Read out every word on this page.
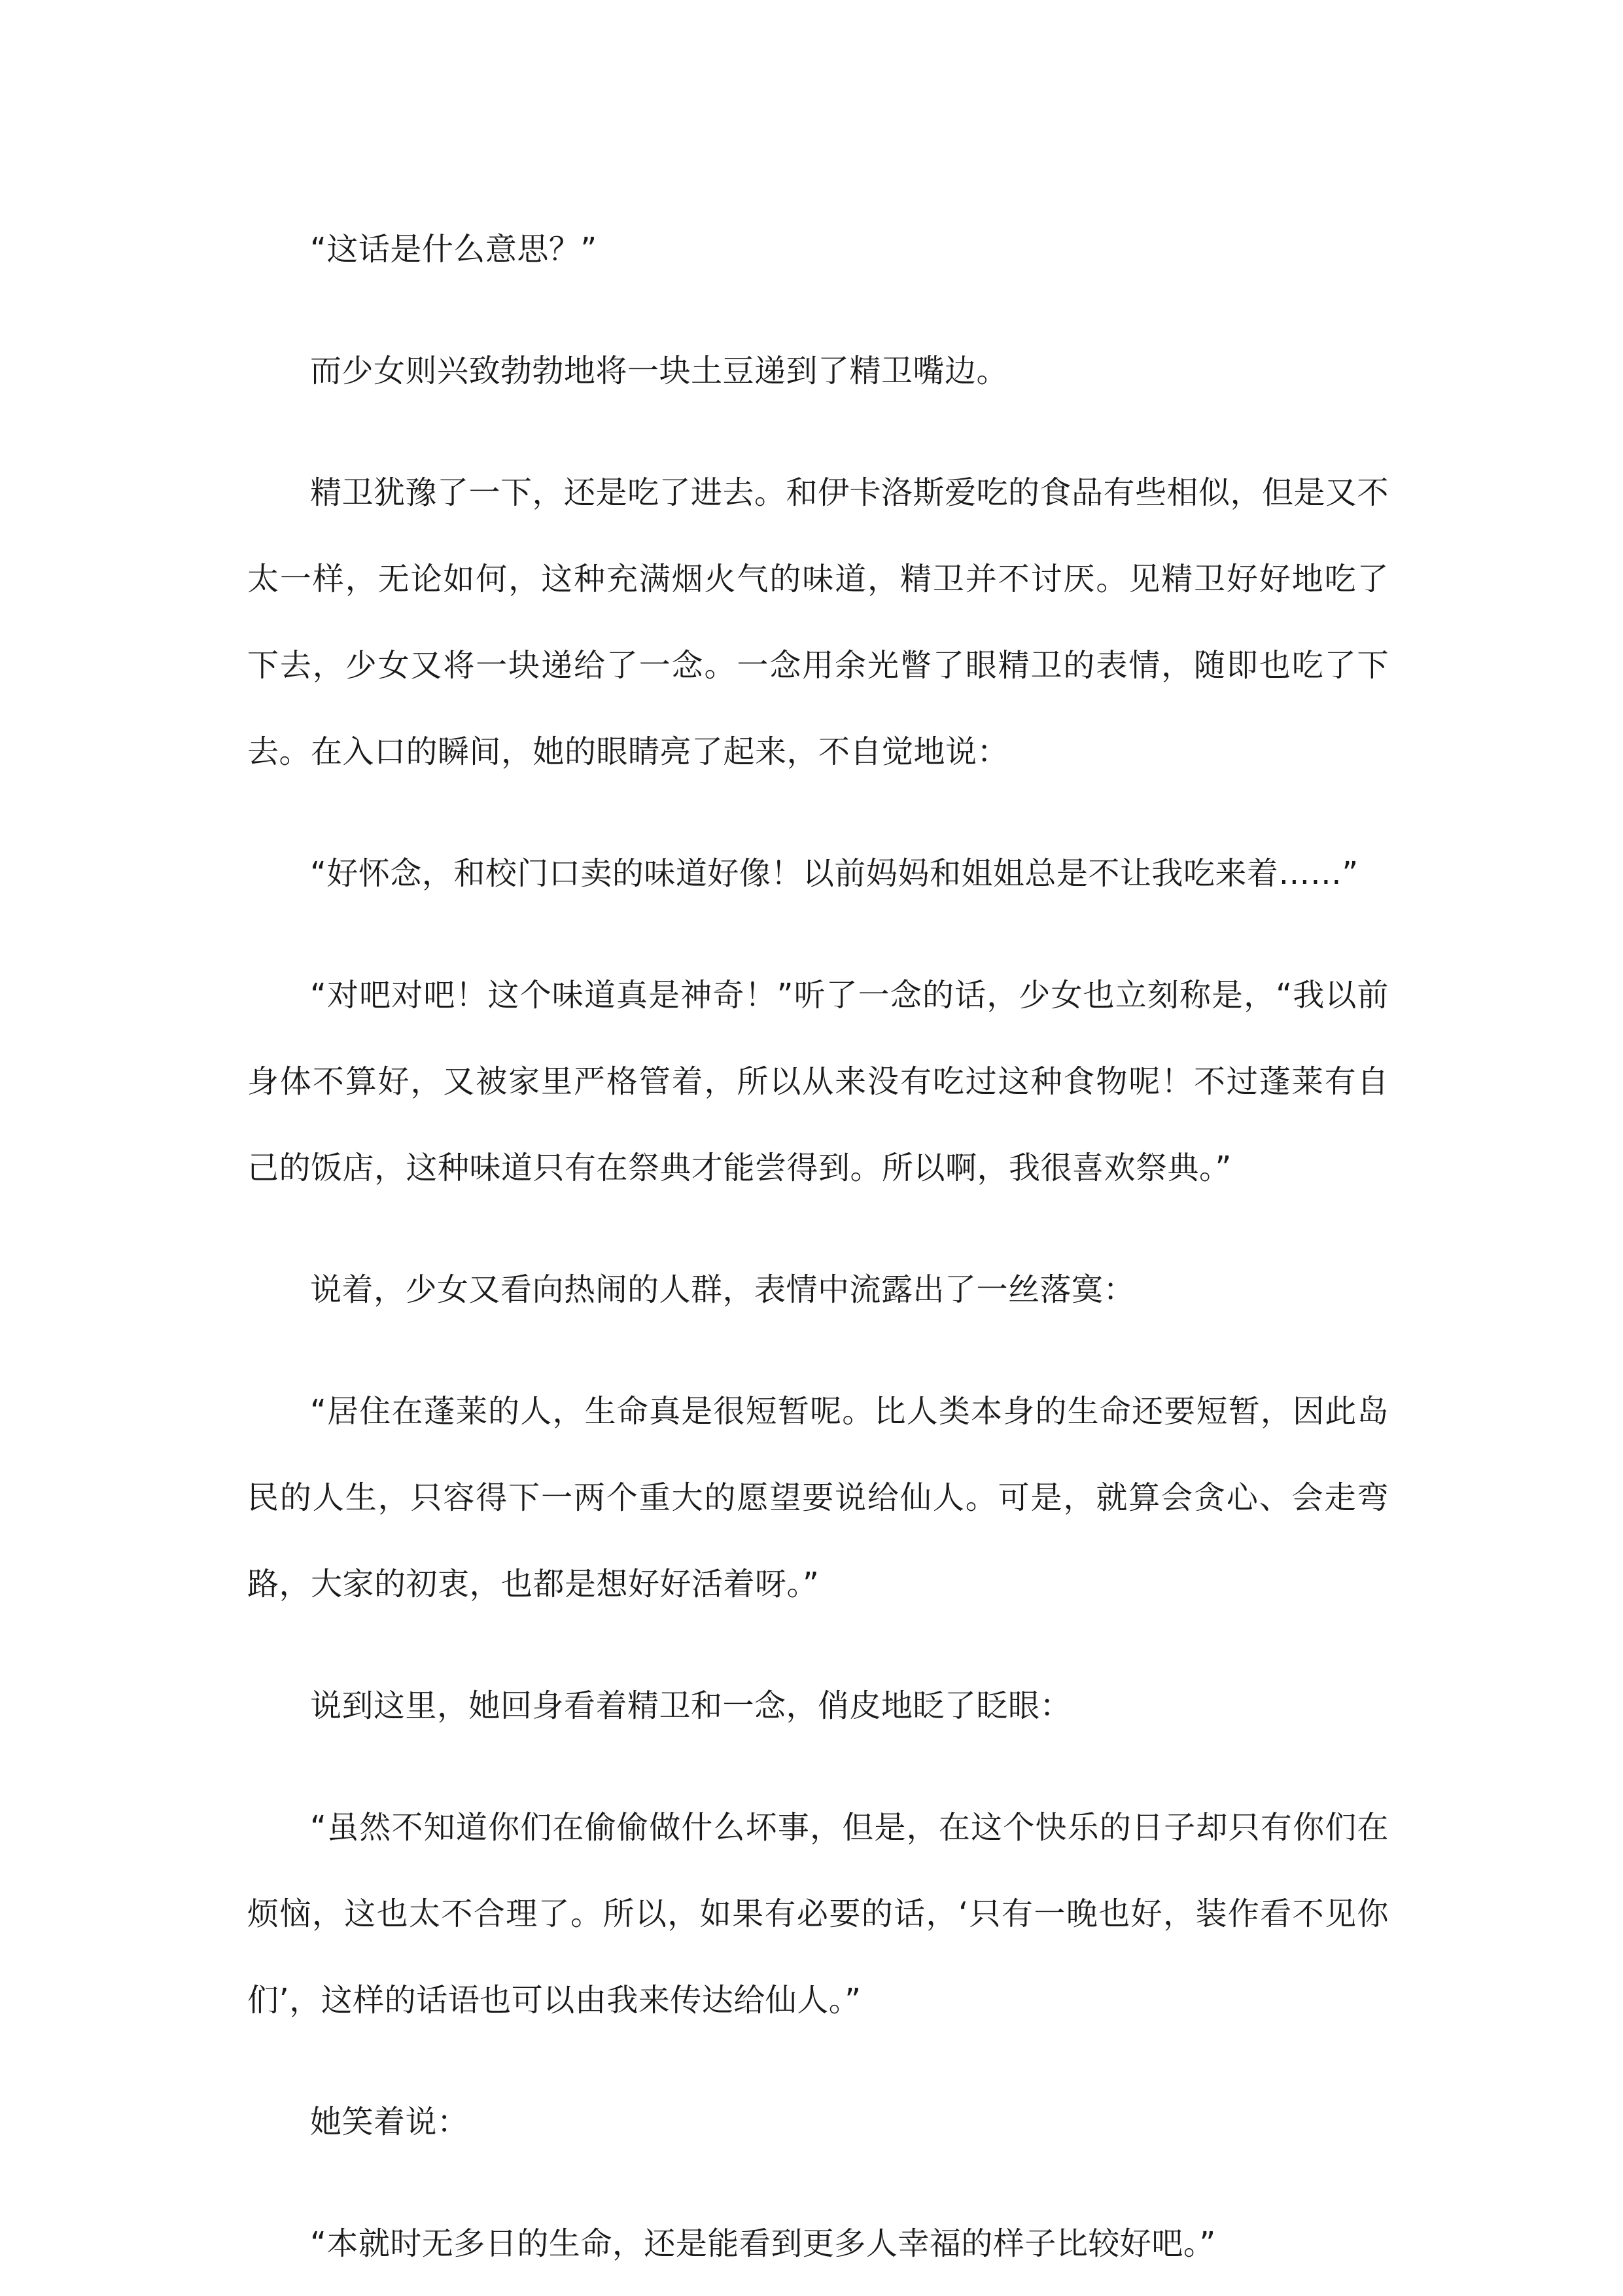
“这话是什么意思？”

而少女则兴致勃勃地将一块土豆递到了精卫嘴边。

精卫犹豫了一下，还是吃了进去。和伊卡洛斯爱吃的食品有些相似，但是又不太一样，无论如何，这种充满烟火气的味道，精卫并不讨厌。见精卫好好地吃了下去，少女又将一块递给了一念。一念用余光瞥了眼精卫的表情，随即也吃了下去。在入口的瞬间，她的眼睛亮了起来，不自觉地说：

“好怀念，和校门口卖的味道好像！以前妈妈和姐姐总是不让我吃来着……”

“对吧对吧！这个味道真是神奇！”听了一念的话，少女也立刻称是，“我以前身体不算好，又被家里严格管着，所以从来没有吃过这种食物呢！不过蓬莱有自己的饭店，这种味道只有在祭典才能尝得到。所以啊，我很喜欢祭典。”

说着，少女又看向热闹的人群，表情中流露出了一丝落寞：

“居住在蓬莱的人，生命真是很短暂呢。比人类本身的生命还要短暂，因此岛民的人生，只容得下一两个重大的愿望要说给仙人。可是，就算会贪心、会走弯路，大家的初衷，也都是想好好活着呀。”

说到这里，她回身看着精卫和一念，俏皮地眨了眨眼：

“虽然不知道你们在偷偷做什么坏事，但是，在这个快乐的日子却只有你们在烦恼，这也太不合理了。所以，如果有必要的话，‘只有一晚也好，装作看不见你们’，这样的话语也可以由我来传达给仙人。”

她笑着说：

“本就时无多日的生命，还是能看到更多人幸福的样子比较好吧。”
